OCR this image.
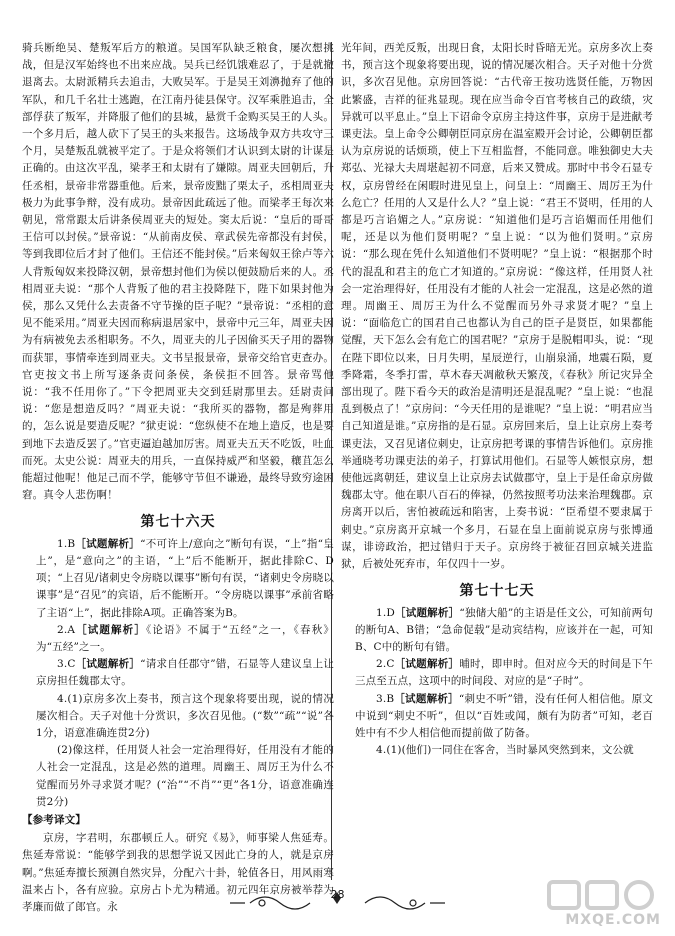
骑兵断绝吴、楚叛军后方的粮道。吴国军队缺乏粮食，屡次想挑战，但是汉军始终也不出来应战。吴兵已经饥饿难忍了，于是就撤退离去。太尉派精兵去追击，大败吴军。于是吴王刘濞抛弃了他的军队，和几千名壮士逃跑，在江南丹徒县保守。汉军乘胜追击，全部俘获了叛军，并降服了他们的县城，悬赏千金购买吴王的人头。一个多月后，越人砍下了吴王的头来报告。这场战争双方共攻守三个月，吴楚叛乱就被平定了。于是众将领们才认识到太尉的计谋是正确的。由这次平乱，梁孝王和太尉有了嫌隙。周亚夫回朝后，升任丞相，景帝非常器重他。后来，景帝废黜了栗太子，丞相周亚夫极力为此事争辩，没有成功。景帝因此疏远了他。而梁孝王每次来朝见，常常跟太后讲条侯周亚夫的短处。窦太后说：“皇后的哥哥王信可以封侯。”景帝说：“从前南皮侯、章武侯先帝都没有封侯，等到我即位后才封了他们。王信还不能封侯。”后来匈奴王徐卢等六人背叛匈奴来投降汉朝，景帝想封他们为侯以便鼓励后来的人。丞相周亚夫说：“那个人背叛了他的君主投降陛下，陛下如果封他为侯，那么又凭什么去责备不守节操的臣子呢？”景帝说：“丞相的意见不能采用。”周亚夫因而称病退居家中，景帝中元三年，周亚夫因为有病被免去丞相职务。不久，周亚夫的儿子因偷买天子用的器物而获罪，事情牵连到周亚夫。文书呈报景帝，景帝交给官吏查办。官吏按文书上所写逐条责问条侯，条侯拒不回答。景帝骂他说：“我不任用你了。”下令把周亚夫交到廷尉那里去。廷尉责问说：“您是想造反吗？”周亚夫说：“我所买的器物，都是殉葬用的，怎么说是要造反呢？”狱吏说：“您纵使不在地上造反，也是要到地下去造反罢了。”官吏逼迫越加厉害。周亚夫五天不吃饭，吐血而死。太史公说：周亚夫的用兵，一直保持威严和坚毅，穰苴怎么能超过他呢！他足己而不学，能够守节但不谦逊，最终导致穷途困窘。真令人悲伤啊！

第七十六天

1.B［试题解析］“不可许上/意向之”断句有误，“上”指“皇上”，是“意向之”的主语，“上”后不能断开，据此排除C、D项；“上召见/诸刺史令房晓以课事”断句有误，“诸刺史令房晓以课事”是“召见”的宾语，后不能断开。“令房晓以课事”承前省略了主语“上”，据此排除A项。正确答案为B。

2.A［试题解析］《论语》不属于“五经”之一，《春秋》为“五经”之一。

3.C［试题解析］“请求自任郡守”错，石显等人建议皇上让京房担任魏郡太守。

4.(1)京房多次上奏书，预言这个现象将要出现，说的情况屡次相合。天子对他十分赏识，多次召见他。(“数”“疏”“说”各1分，语意准确连贯2分)

(2)像这样，任用贤人社会一定治理得好，任用没有才能的人社会一定混乱，这是必然的道理。周幽王、周厉王为什么不觉醒而另外寻求贤才呢？(“治”“不肖”“更”各1分，语意准确连贯2分)

【参考译文】

京房，字君明，东郡顿丘人。研究《易》，师事梁人焦延寿。焦延寿常说：“能够学到我的思想学说又因此亡身的人，就是京房啊。”焦延寿擅长预测自然灾异，分配六十卦，轮值各日，用风雨寒温来占卜，各有应验。京房占卜尤为精通。初元四年京房被举荐为孝廉而做了郎官。永

光年间，西羌反叛，出现日食，太阳长时昏暗无光。京房多次上奏书，预言这个现象将要出现，说的情况屡次相合。天子对他十分赏识，多次召见他。京房回答说：“古代帝王按功选贤任能，万物因此繁盛，吉祥的征兆显现。现在应当命令百官考核自己的政绩，灾异就可以平息止。”皇上下诏命令京房主持这件事，京房于是进献考课吏法。皇上命令公卿朝臣同京房在温室殿开会讨论，公卿朝臣都认为京房说的话烦琐，使上下互相监督，不能同意。唯独御史大夫郑弘、光禄大夫周堪起初不同意，后来又赞成。那时中书令石显专权，京房曾经在闲暇时进见皇上，问皇上：“周幽王、周厉王为什么危亡？任用的人又是什么人？”皇上说：“君王不贤明，任用的人都是巧言谄媚之人。”京房说：“知道他们是巧言谄媚而任用他们呢，还是以为他们贤明呢？”皇上说：“以为他们贤明。”京房说：“那么现在凭什么知道他们不贤明呢？”皇上说：“根据那个时代的混乱和君主的危亡才知道的。”京房说：“像这样，任用贤人社会一定治理得好，任用没有才能的人社会一定混乱，这是必然的道理。周幽王、周厉王为什么不觉醒而另外寻求贤才呢？”皇上说：“面临危亡的国君自己也都认为自己的臣子是贤臣，如果都能觉醒，天下怎么会有危亡的国君呢？”京房于是脱帽叩头，说：“现在陛下即位以来，日月失明，星辰逆行，山崩泉涌，地震石陨，夏季降霜，冬季打雷，草木春天凋敝秋天繁茂，《春秋》所记灾异全部出现了。陛下看今天的政治是清明还是混乱呢？”皇上说：“也混乱到极点了！”京房问：“今天任用的是谁呢？”皇上说：“明君应当自己知道是谁。”京房指的是石显。京房回来后，皇上让京房上奏考课吏法，又召见诸位刺史，让京房把考课的事情告诉他们。京房推举通晓考功课吏法的弟子，打算试用他们。石显等人嫉恨京房，想使他远离朝廷，建议皇上让京房去试做郡守，皇上于是任命京房做魏郡太守。他在职八百石的俸禄，仍然按照考功法来治理魏郡。京房离开以后，害怕被疏远和陷害，上奏书说：“臣希望不要隶属于刺史。”京房离开京城一个多月，石显在皇上面前说京房与张博通谋，诽谤政治，把过错归于天子。京房终于被征召回京城关进监狱，后被处死弃市，年仅四十一岁。

第七十七天

1.D［试题解析］“独储大船”的主语是任文公，可知前两句的断句A、B错；“急命促载”是动宾结构，应该并在一起，可知B、C中的断句有错。

2.C［试题解析］晡时，即申时。但对应今天的时间是下午三点至五点，这项中的时间段、对应的是“子时”。

3.B［试题解析］“刺史不听”错，没有任何人相信他。原文中说到“刺史不听”，但以“百姓或闻，颇有为防者”可知，老百姓中有不少人相信他而提前做了防备。

4.(1)(他们)一同住在客舍，当时暴风突然到来，文公就

28
MXQE.COM
